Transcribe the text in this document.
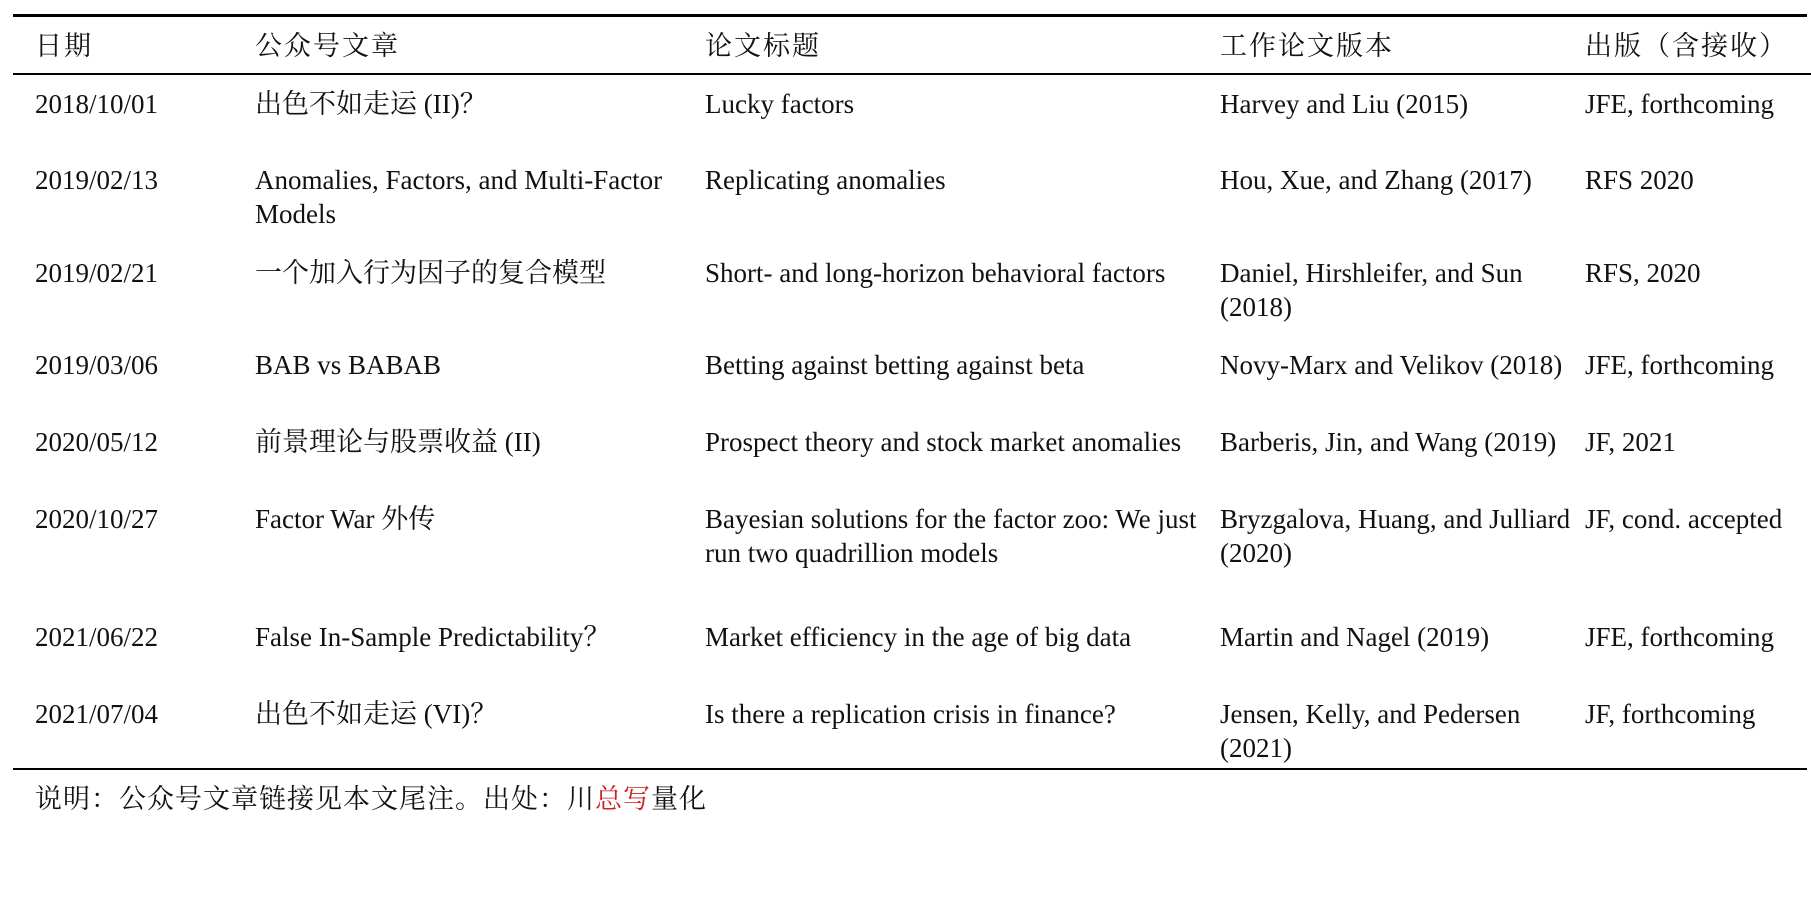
日期	公众号文章	论文标题	工作论文版本	出版（含接收）

2018/10/01	出色不如走运 (II)？	Lucky factors	Harvey and Liu (2015)	JFE, forthcoming
2019/02/13	Anomalies, Factors, and Multi-Factor Models	Replicating anomalies	Hou, Xue, and Zhang (2017)	RFS 2020
2019/02/21	一个加入行为因子的复合模型	Short- and long-horizon behavioral factors	Daniel, Hirshleifer, and Sun (2018)	RFS, 2020
2019/03/06	BAB vs BABAB	Betting against betting against beta	Novy-Marx and Velikov (2018)	JFE, forthcoming
2020/05/12	前景理论与股票收益 (II)	Prospect theory and stock market anomalies	Barberis, Jin, and Wang (2019)	JF, 2021
2020/10/27	Factor War 外传	Bayesian solutions for the factor zoo: We just run two quadrillion models	Bryzgalova, Huang, and Julliard (2020)	JF, cond. accepted
2021/06/22	False In-Sample Predictability？	Market efficiency in the age of big data	Martin and Nagel (2019)	JFE, forthcoming
2021/07/04	出色不如走运 (VI)？	Is there a replication crisis in finance?	Jensen, Kelly, and Pedersen (2021)	JF, forthcoming
说明：公众号文章链接见本文尾注。出处：川总写量化
